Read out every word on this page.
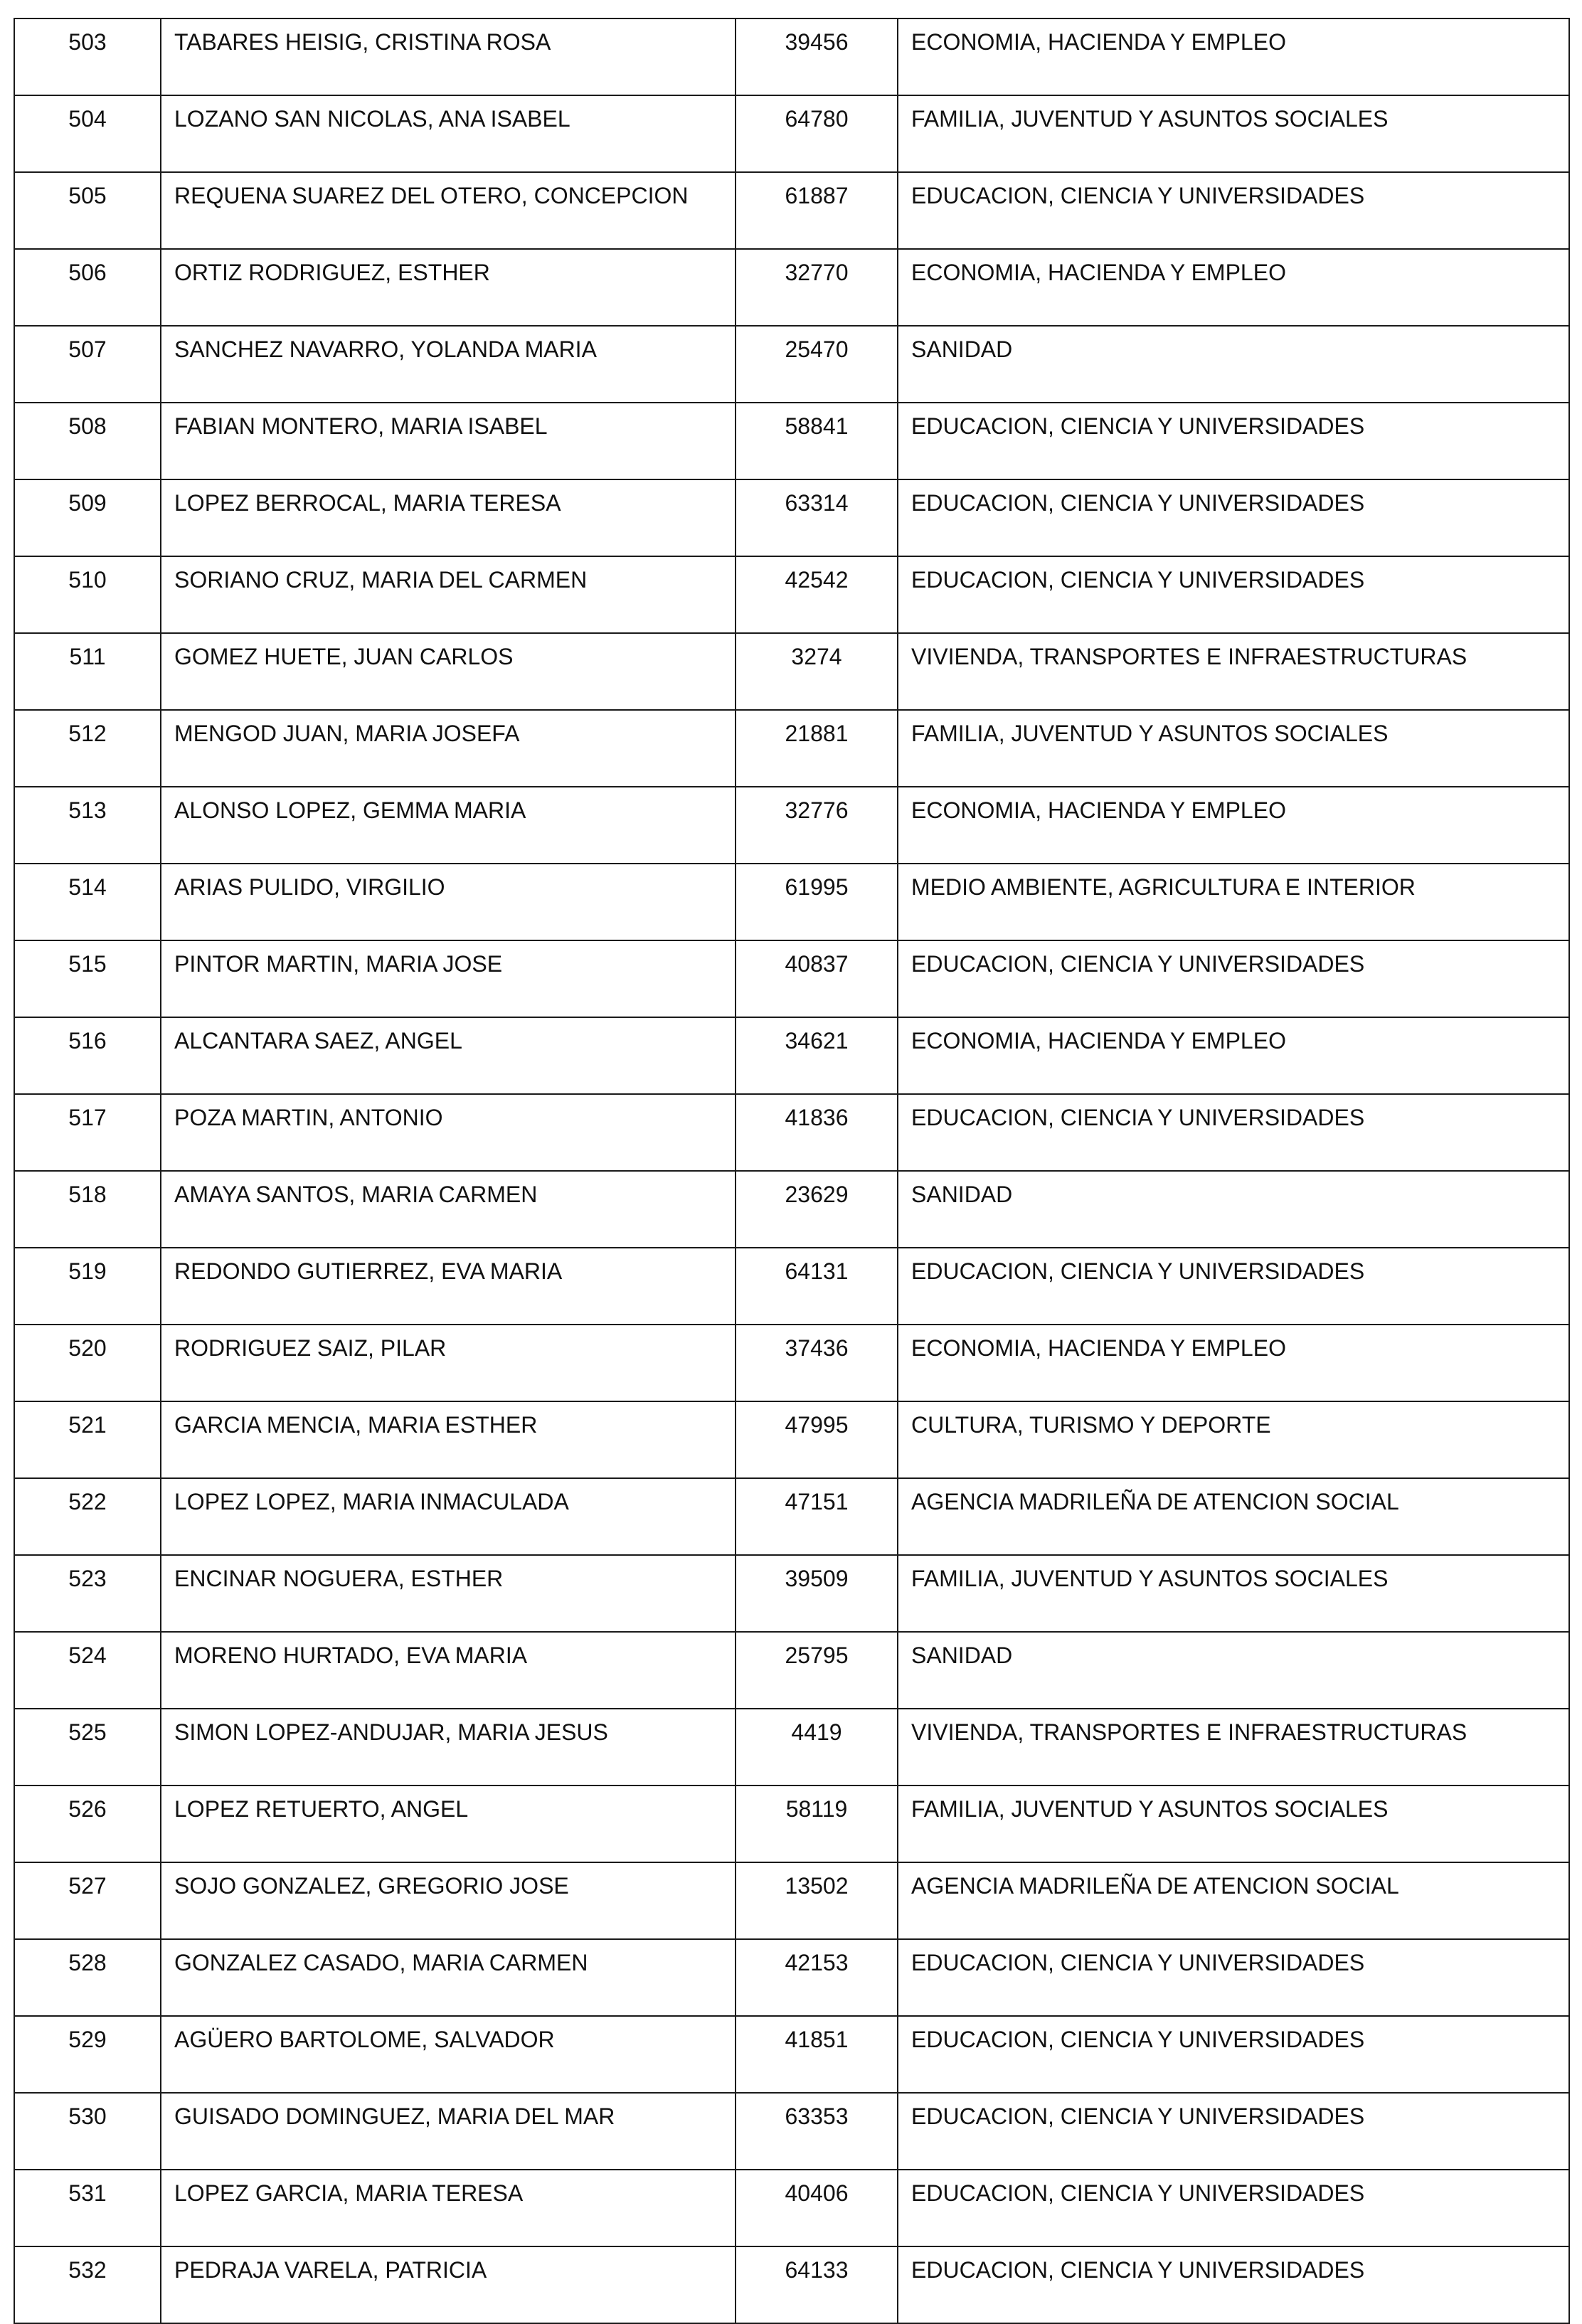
503	TABARES HEISIG, CRISTINA ROSA	39456	ECONOMIA, HACIENDA Y EMPLEO
504	LOZANO SAN NICOLAS, ANA ISABEL	64780	FAMILIA, JUVENTUD Y ASUNTOS SOCIALES
505	REQUENA SUAREZ DEL OTERO, CONCEPCION	61887	EDUCACION, CIENCIA Y UNIVERSIDADES
506	ORTIZ RODRIGUEZ, ESTHER	32770	ECONOMIA, HACIENDA Y EMPLEO
507	SANCHEZ NAVARRO, YOLANDA MARIA	25470	SANIDAD
508	FABIAN MONTERO, MARIA ISABEL	58841	EDUCACION, CIENCIA Y UNIVERSIDADES
509	LOPEZ BERROCAL, MARIA TERESA	63314	EDUCACION, CIENCIA Y UNIVERSIDADES
510	SORIANO CRUZ, MARIA DEL CARMEN	42542	EDUCACION, CIENCIA Y UNIVERSIDADES
511	GOMEZ HUETE, JUAN CARLOS	3274	VIVIENDA, TRANSPORTES E INFRAESTRUCTURAS
512	MENGOD JUAN, MARIA JOSEFA	21881	FAMILIA, JUVENTUD Y ASUNTOS SOCIALES
513	ALONSO LOPEZ, GEMMA MARIA	32776	ECONOMIA, HACIENDA Y EMPLEO
514	ARIAS PULIDO, VIRGILIO	61995	MEDIO AMBIENTE, AGRICULTURA E INTERIOR
515	PINTOR MARTIN, MARIA JOSE	40837	EDUCACION, CIENCIA Y UNIVERSIDADES
516	ALCANTARA SAEZ, ANGEL	34621	ECONOMIA, HACIENDA Y EMPLEO
517	POZA MARTIN, ANTONIO	41836	EDUCACION, CIENCIA Y UNIVERSIDADES
518	AMAYA SANTOS, MARIA CARMEN	23629	SANIDAD
519	REDONDO GUTIERREZ, EVA MARIA	64131	EDUCACION, CIENCIA Y UNIVERSIDADES
520	RODRIGUEZ SAIZ, PILAR	37436	ECONOMIA, HACIENDA Y EMPLEO
521	GARCIA MENCIA, MARIA ESTHER	47995	CULTURA, TURISMO Y DEPORTE
522	LOPEZ LOPEZ, MARIA INMACULADA	47151	AGENCIA MADRILEÑA DE ATENCION SOCIAL
523	ENCINAR NOGUERA, ESTHER	39509	FAMILIA, JUVENTUD Y ASUNTOS SOCIALES
524	MORENO HURTADO, EVA MARIA	25795	SANIDAD
525	SIMON LOPEZ-ANDUJAR, MARIA JESUS	4419	VIVIENDA, TRANSPORTES E INFRAESTRUCTURAS
526	LOPEZ RETUERTO, ANGEL	58119	FAMILIA, JUVENTUD Y ASUNTOS SOCIALES
527	SOJO GONZALEZ, GREGORIO JOSE	13502	AGENCIA MADRILEÑA DE ATENCION SOCIAL
528	GONZALEZ CASADO, MARIA CARMEN	42153	EDUCACION, CIENCIA Y UNIVERSIDADES
529	AGÜERO BARTOLOME, SALVADOR	41851	EDUCACION, CIENCIA Y UNIVERSIDADES
530	GUISADO DOMINGUEZ, MARIA DEL MAR	63353	EDUCACION, CIENCIA Y UNIVERSIDADES
531	LOPEZ GARCIA, MARIA TERESA	40406	EDUCACION, CIENCIA Y UNIVERSIDADES
532	PEDRAJA VARELA, PATRICIA	64133	EDUCACION, CIENCIA Y UNIVERSIDADES
